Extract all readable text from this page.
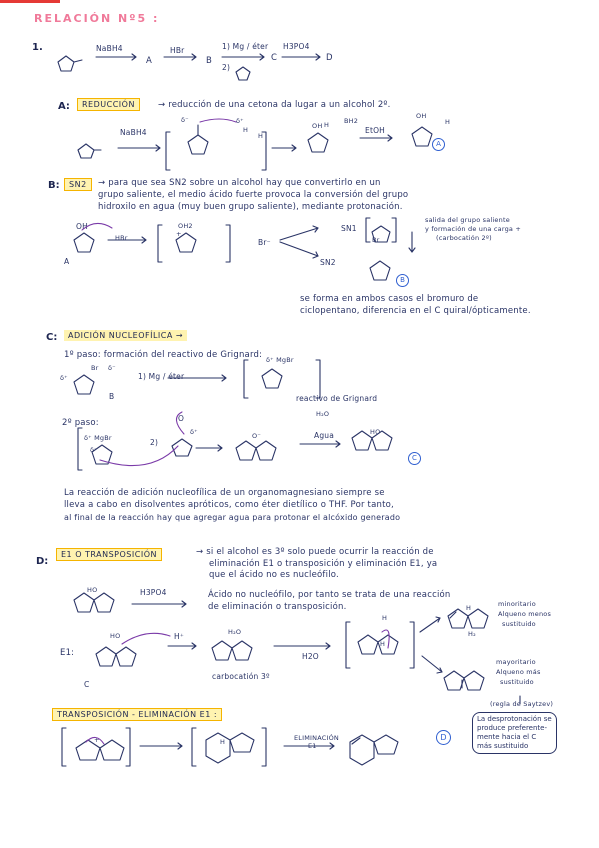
RELACIÓN Nº5 :
1.	NaBH4	HBr	1) Mg / éter
2)
H3PO4
A	B	C	D
A:	REDUCCIÓN	→ reducción de una cetona da lugar a un alcohol 2º.
NaBH4
δ⁻	δ⁺
H
H
BH2
H
OH	H
OH
EtOH
A
B:	SN2	→ para que sea SN2 sobre un alcohol hay que convertirlo en un
grupo saliente, el medio ácido fuerte provoca la conversión del grupo
hidroxilo en agua (muy buen grupo saliente), mediante protonación.
OH
HBr
OH2
+
Br⁻
SN1
SN2
Br
A
B
salida del grupo saliente
y formación de una carga +
(carbocatión 2º)
se forma en ambos casos el bromuro de
ciclopentano, diferencia en el C quiral/ópticamente.
C:	ADICIÓN NUCLEOFÍLICA →
1º paso: formación del reactivo de Grignard:
1) Mg / éter
reactivo de Grignard
δ⁺
Br δ⁻
B
δ⁺ MgBr
2º paso:
δ⁺ MgBr
δ⁻
2)
O
δ⁺	O⁻	HO
H₂O
Agua
C
La reacción de adición nucleofílica de un organomagnesiano siempre se
lleva a cabo en disolventes apróticos, como éter dietílico o THF. Por tanto,
al final de la reacción hay que agregar agua para protonar el alcóxido generado
D:
E1 O TRANSPOSICIÓN	→ si el alcohol es 3º solo puede ocurrir la reacción de
eliminación E1 o transposición y eliminación E1, ya
que el ácido no es nucleófilo.
HO	H3PO4	Ácido no nucleófilo, por tanto se trata de una reacción
de eliminación o transposición.
E1:
HO	H⁺	H₂O
carbocatión 3º
H2O
H
H
H
H₂
C
minoritario
Alqueno menos
sustituido
mayoritario
Alqueno más
sustituido
(regla de Saytzev)
TRANSPOSICIÓN - ELIMINACIÓN E1 :
ELIMINACIÓN
E1
H
+	D
La desprotonación se
produce preferente-
mente hacia el C
más sustituido
